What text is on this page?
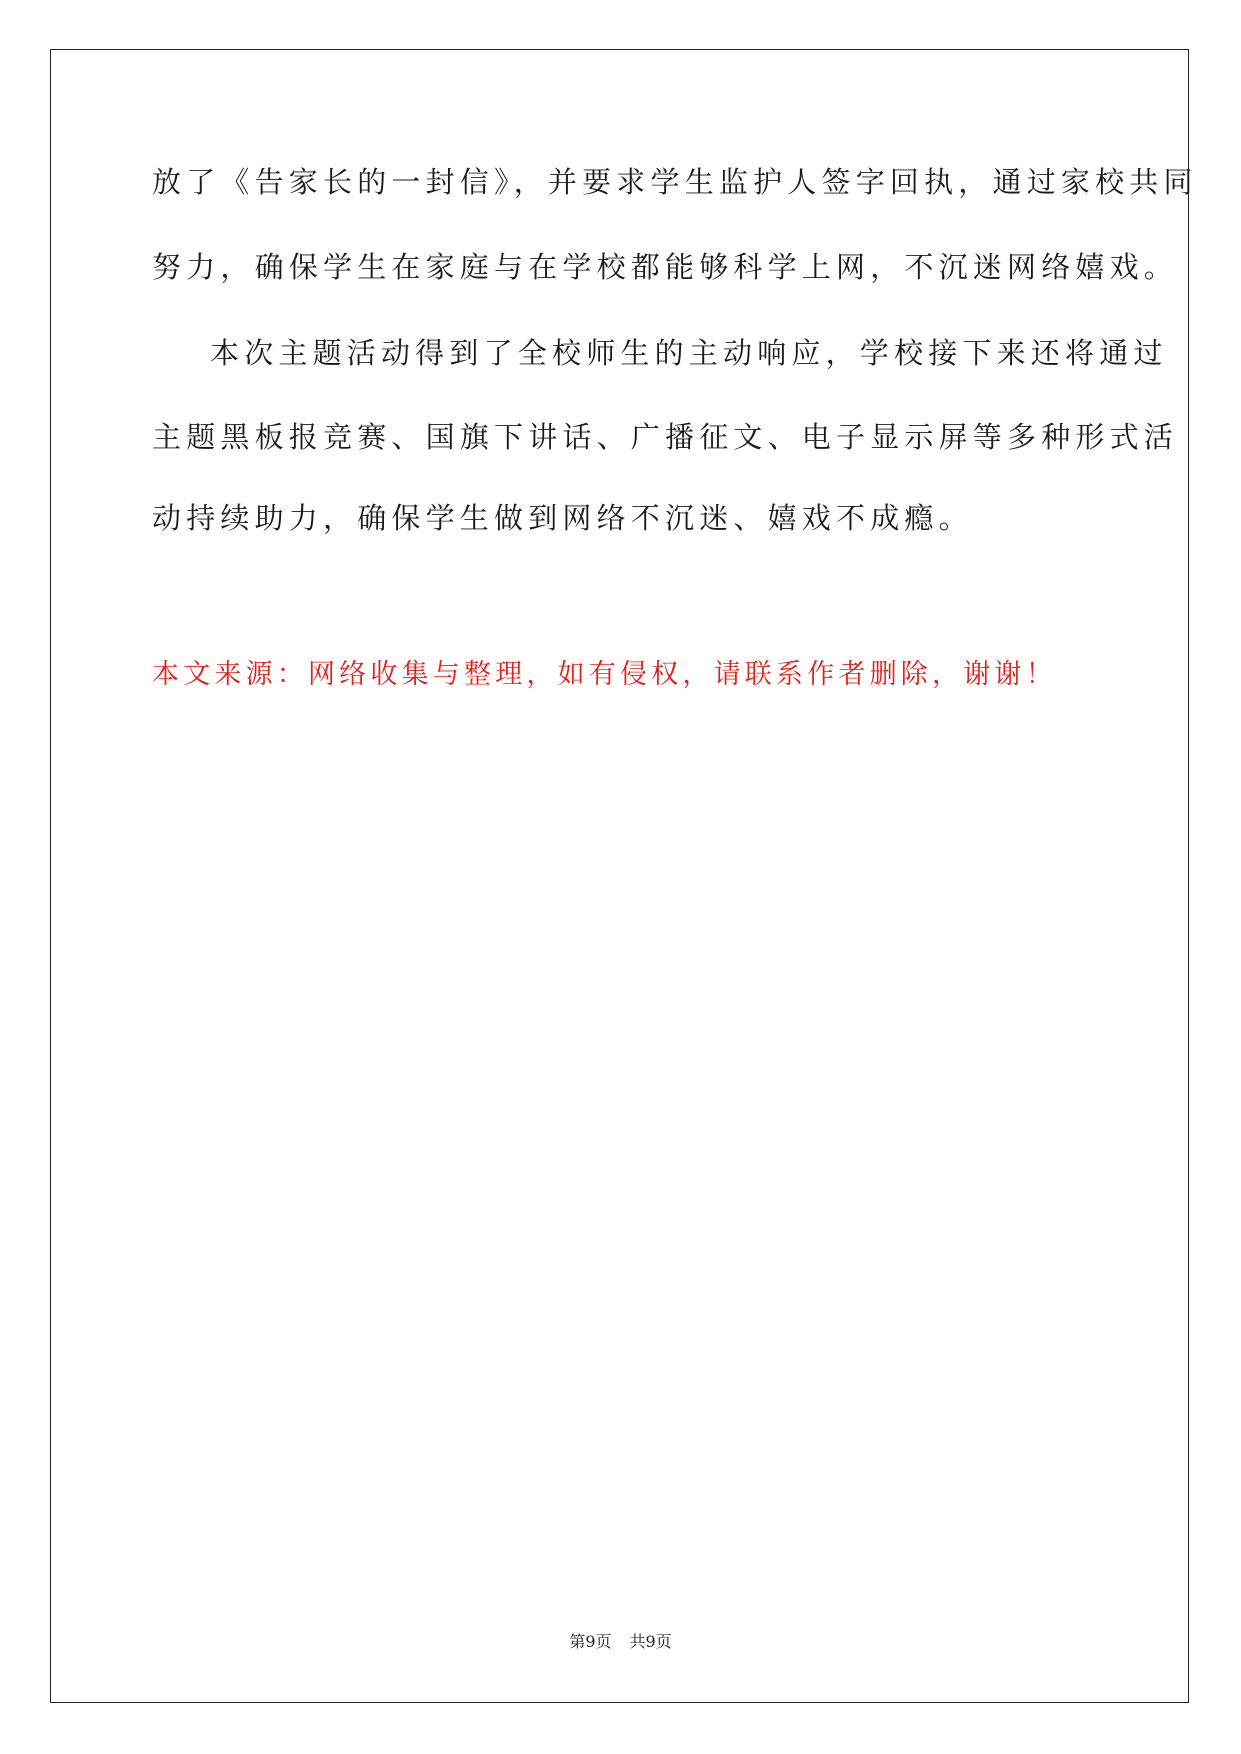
放了《告家长的一封信》，并要求学生监护人签字回执，通过家校共同

努力，确保学生在家庭与在学校都能够科学上网，不沉迷网络嬉戏。

本次主题活动得到了全校师生的主动响应，学校接下来还将通过

主题黑板报竞赛、国旗下讲话、广播征文、电子显示屏等多种形式活

动持续助力，确保学生做到网络不沉迷、嬉戏不成瘾。

本文来源：网络收集与整理，如有侵权，请联系作者删除，谢谢！

第9页 共9页
